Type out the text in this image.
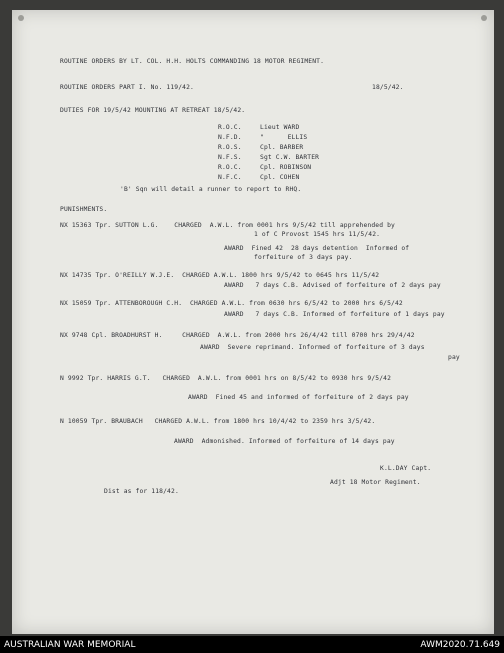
ROUTINE ORDERS BY LT. COL. H.H. HOLTS COMMANDING 18 MOTOR REGIMENT.
ROUTINE ORDERS PART I. No. 119/42.	18/5/42.
DUTIES FOR 19/5/42 MOUNTING AT RETREAT 18/5/42.
R.O.C.	Lieut WARD
N.F.D.	"      ELLIS
R.O.S.	Cpl. BARBER
N.F.S.	Sgt C.W. BARTER
R.O.C.	Cpl. ROBINSON
N.F.C.	Cpl. COHEN
'B' Sqn will detail a runner to report to RHQ.
PUNISHMENTS.
NX 15363 Tpr. SUTTON L.G.    CHARGED  A.W.L. from 0001 hrs 9/5/42 till apprehended by
1 of C Provost 1545 hrs 11/5/42.
AWARD  Fined 42  28 days detention  Informed of
forfeiture of 3 days pay.
NX 14735 Tpr. O'REILLY W.J.E.  CHARGED A.W.L. 1800 hrs 9/5/42 to 0645 hrs 11/5/42
AWARD   7 days C.B. Advised of forfeiture of 2 days pay
NX 15059 Tpr. ATTENBOROUGH C.H.  CHARGED A.W.L. from 0630 hrs 6/5/42 to 2000 hrs 6/5/42
AWARD   7 days C.B. Informed of forfeiture of 1 days pay
NX 9748 Cpl. BROADHURST H.     CHARGED  A.W.L. from 2000 hrs 26/4/42 till 0700 hrs 29/4/42
AWARD  Severe reprimand. Informed of forfeiture of 3 days
pay
N 9992 Tpr. HARRIS G.T.   CHARGED  A.W.L. from 0001 hrs on 8/5/42 to 0930 hrs 9/5/42
AWARD  Fined 45 and informed of forfeiture of 2 days pay
N 10059 Tpr. BRAUBACH   CHARGED A.W.L. from 1800 hrs 10/4/42 to 2359 hrs 3/5/42.
AWARD  Admonished. Informed of forfeiture of 14 days pay
K.L.DAY Capt.
Adjt 18 Motor Regiment.
Dist as for 118/42.
AUSTRALIAN WAR MEMORIAL	AWM2020.71.649
